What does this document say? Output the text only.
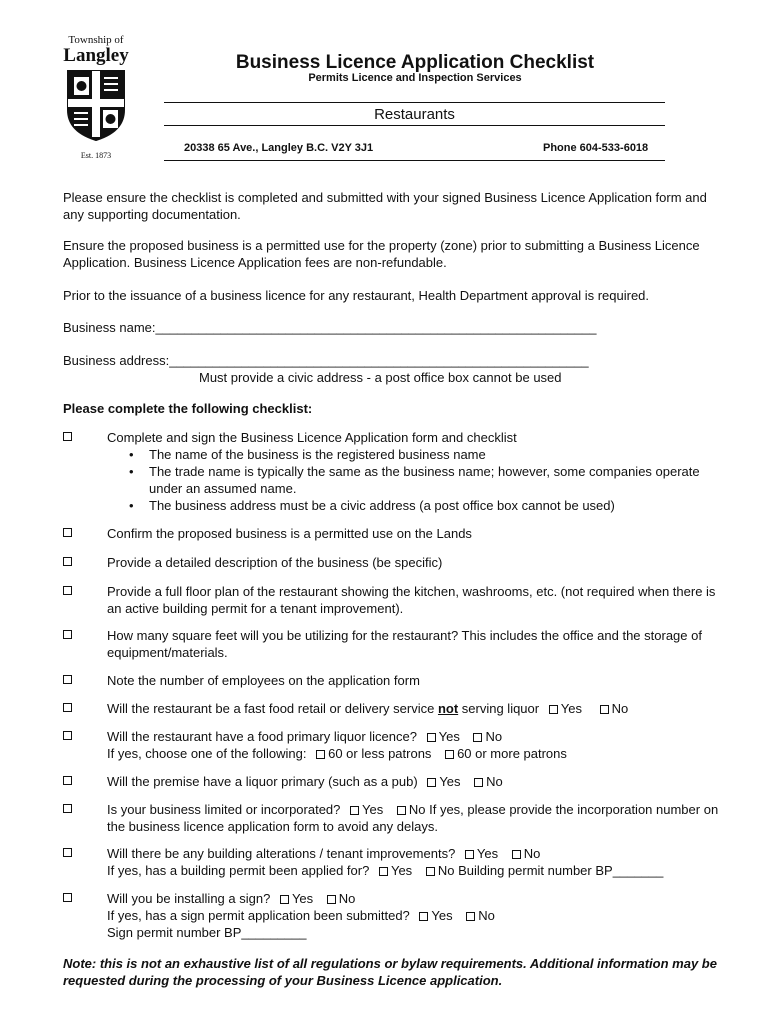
Township of
Langley
Est. 1873
Business Licence Application Checklist
Permits Licence and Inspection Services
Restaurants
20338 65 Ave., Langley B.C. V2Y 3J1	Phone 604-533-6018

Please ensure the checklist is completed and submitted with your signed Business Licence Application form and any supporting documentation.

Ensure the proposed business is a permitted use for the property (zone) prior to submitting a Business Licence Application. Business Licence Application fees are non-refundable.

Prior to the issuance of a business licence for any restaurant, Health Department approval is required.

Business name:_____________________________________________________________
Business address:__________________________________________________________
Must provide a civic address - a post office box cannot be used
Please complete the following checklist:
Complete and sign the Business Licence Application form and checklist
• The name of the business is the registered business name
• The trade name is typically the same as the business name; however, some companies operate under an assumed name.
• The business address must be a civic address (a post office box cannot be used)
Confirm the proposed business is a permitted use on the Lands
Provide a detailed description of the business (be specific)
Provide a full floor plan of the restaurant showing the kitchen, washrooms, etc. (not required when there is an active building permit for a tenant improvement).
How many square feet will you be utilizing for the restaurant? This includes the office and the storage of equipment/materials.
Note the number of employees on the application form
Will the restaurant be a fast food retail or delivery service not serving liquor Yes No
Will the restaurant have a food primary liquor licence? Yes No
If yes, choose one of the following: 60 or less patrons 60 or more patrons
Will the premise have a liquor primary (such as a pub) Yes No
Is your business limited or incorporated? Yes No If yes, please provide the incorporation number on the business licence application form to avoid any delays.
Will there be any building alterations / tenant improvements? Yes No
If yes, has a building permit been applied for? Yes No Building permit number BP_______
Will you be installing a sign? Yes No
If yes, has a sign permit application been submitted? Yes No
Sign permit number BP_________
Note: this is not an exhaustive list of all regulations or bylaw requirements. Additional information may be requested during the processing of your Business Licence application.
